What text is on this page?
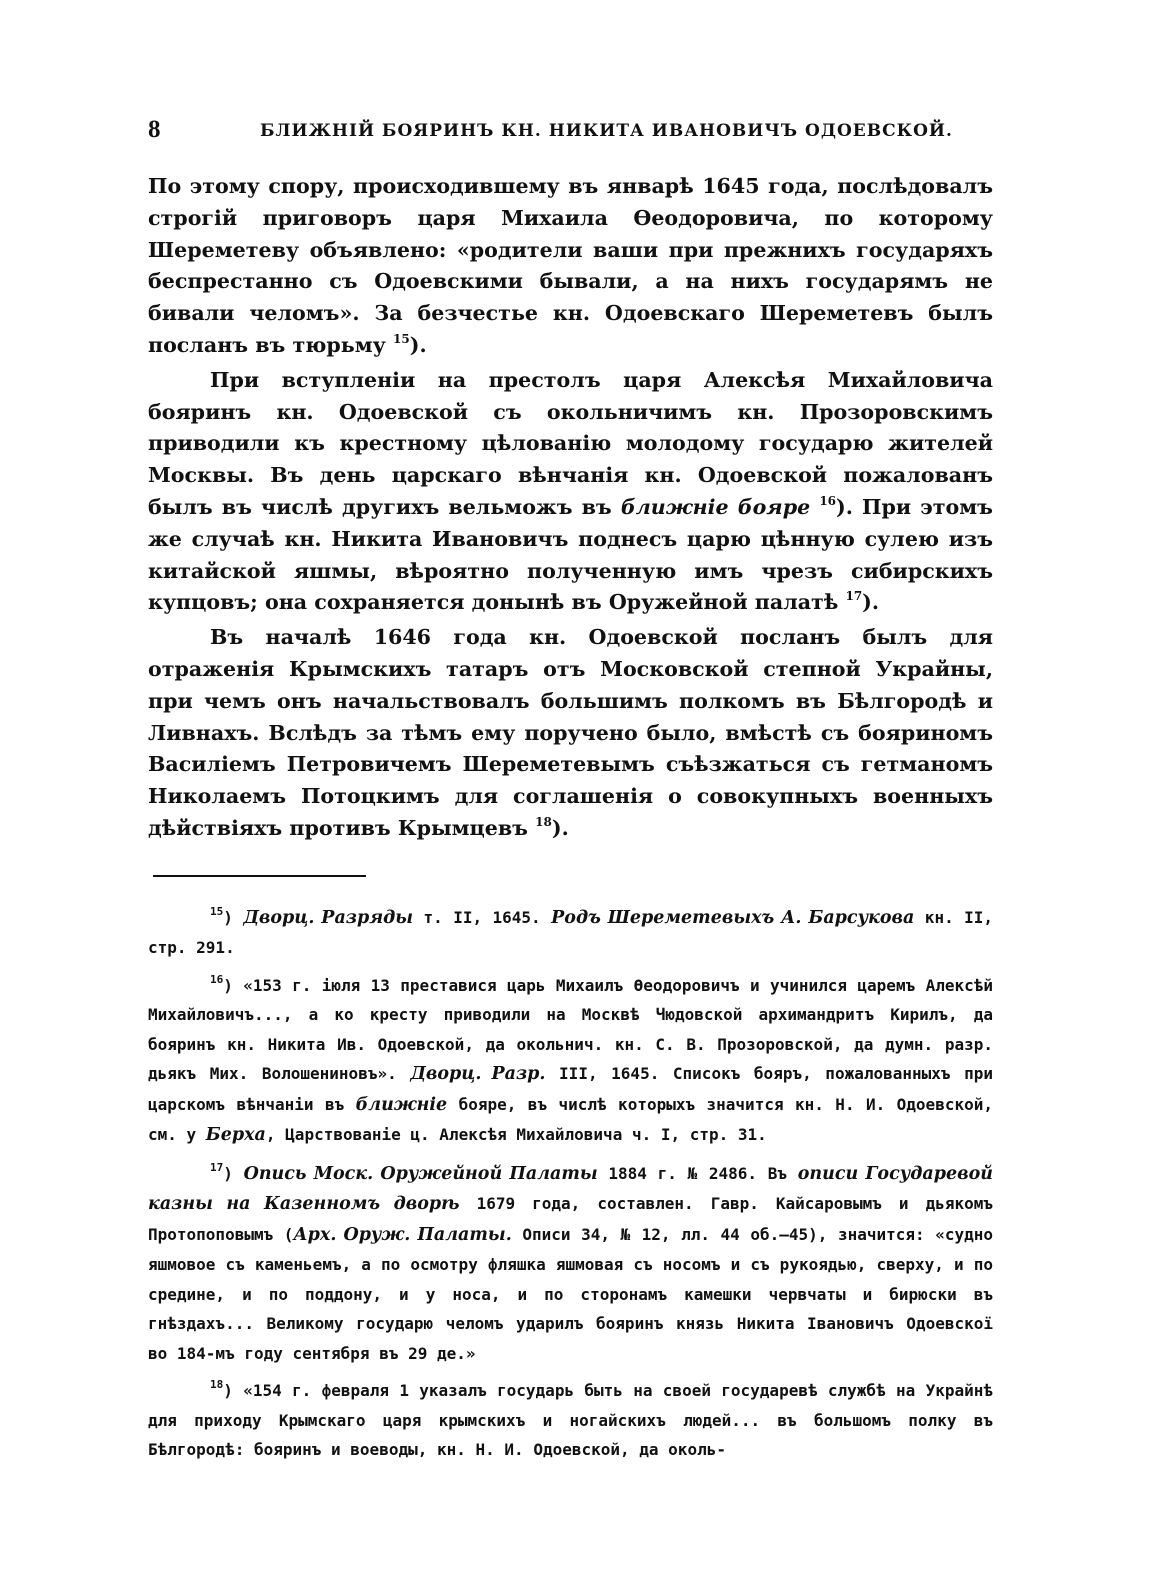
8	БЛИЖНІЙ БОЯРИНЪ КН. НИКИТА ИВАНОВИЧЪ ОДОЕВСКОЙ.

По этому спору, происходившему въ январѣ 1645 года, послѣдовалъ строгій приговоръ царя Михаила Ѳеодоровича, по которому Шереметеву объявлено: «родители ваши при прежнихъ государяхъ беспрестанно съ Одоевскими бывали, а на нихъ государямъ не бивали челомъ». За безчестье кн. Одоевскаго Шереметевъ былъ посланъ въ тюрьму $^{15}$).

При вступленіи на престолъ царя Алексѣя Михайловича бояринъ кн. Одоевской съ окольничимъ кн. Прозоровскимъ приводили къ крестному цѣлованію молодому государю жителей Москвы. Въ день царскаго вѣнчанія кн. Одоевской пожалованъ былъ въ числѣ другихъ вельможъ въ ближніе бояре $^{16}$). При этомъ же случаѣ кн. Никита Ивановичъ поднесъ царю цѣнную сулею изъ китайской яшмы, вѣроятно полученную имъ чрезъ сибирскихъ купцовъ; она сохраняется донынѣ въ Оружейной палатѣ $^{17}$).

Въ началѣ 1646 года кн. Одоевской посланъ былъ для отраженія Крымскихъ татаръ отъ Московской степной Украйны, при чемъ онъ начальствовалъ большимъ полкомъ въ Бѣлгородѣ и Ливнахъ. Вслѣдъ за тѣмъ ему поручено было, вмѣстѣ съ бояриномъ Василіемъ Петровичемъ Шереметевымъ съѣзжаться съ гетманомъ Николаемъ Потоцкимъ для соглашенія о совокупныхъ военныхъ дѣйствіяхъ противъ Крымцевъ $^{18}$).

$^{15}$) Дворц. Разряды т. II, 1645. Родъ Шереметевыхъ А. Барсукова кн. II, стр. 291.

$^{16}$) «153 г. іюля 13 преставися царь Михаилъ Ѳеодоровичъ и учинился царемъ Алексѣй Михайловичъ..., а ко кресту приводили на Москвѣ Чюдовской архимандритъ Кирилъ, да бояринъ кн. Никита Ив. Одоевской, да окольнич. кн. С. В. Прозоровской, да думн. разр. дьякъ Мих. Волошениновъ». Дворц. Разр. III, 1645. Списокъ бояръ, пожалованныхъ при царскомъ вѣнчаніи въ ближніе бояре, въ числѣ которыхъ значится кн. Н. И. Одоевской, см. у Берха, Царствованіе ц. Алексѣя Михайловича ч. I, стр. 31.

$^{17}$) Опись Моск. Оружейной Палаты 1884 г. № 2486. Въ описи Государевой казны на Казенномъ дворѣ 1679 года, составлен. Гавр. Кайсаровымъ и дьякомъ Протопоповымъ (Арх. Оруж. Палаты. Описи 34, № 12, лл. 44 об.—45), значится: «судно яшмовое съ каменьемъ, а по осмотру фляшка яшмовая съ носомъ и съ рукоядью, сверху, и по средине, и по поддону, и у носа, и по сторонамъ камешки червчаты и бирюски въ гнѣздахъ... Великому государю челомъ ударилъ бояринъ князь Никита Івановичъ Одоевскої во 184-мъ году сентября въ 29 де.»

$^{18}$) «154 г. февраля 1 указалъ государь быть на своей государевѣ службѣ на Украйнѣ для приходу Крымскаго царя крымскихъ и ногайскихъ людей... въ большомъ полку въ Бѣлгородѣ: бояринъ и воеводы, кн. Н. И. Одоевской, да околь-
